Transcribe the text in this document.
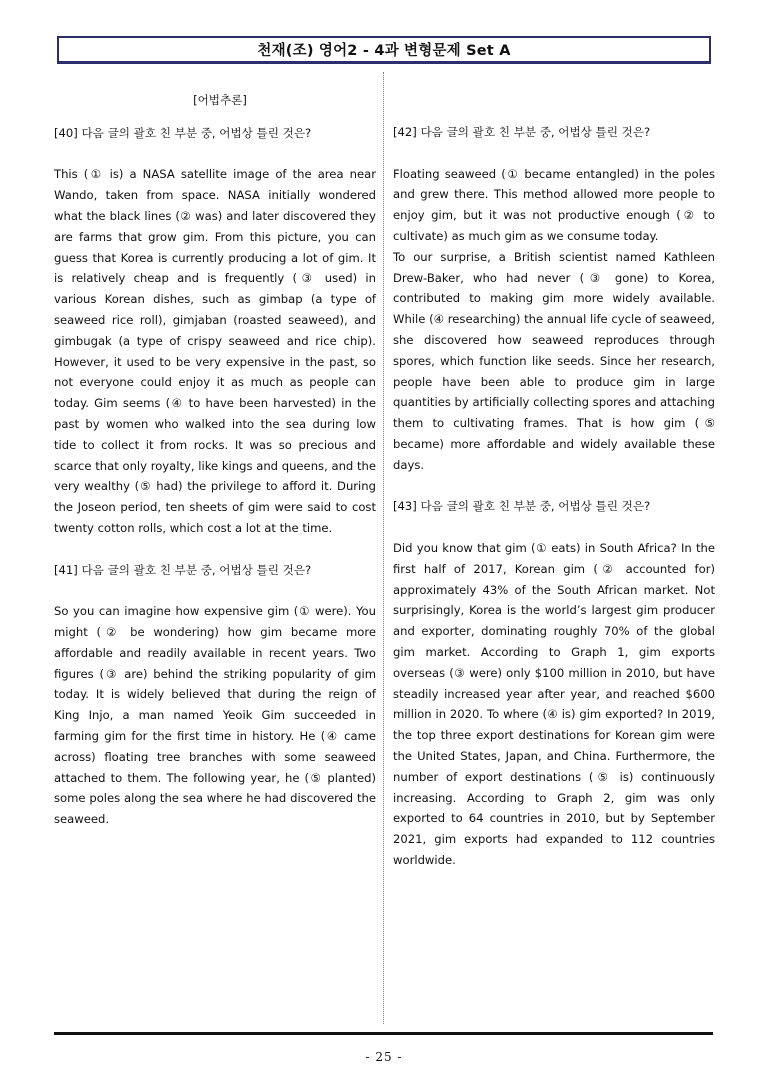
천재(조) 영어2 - 4과 변형문제 Set A
[어법추론]

[40] 다음 글의 괄호 친 부분 중, 어법상 틀린 것은?

This (① is) a NASA satellite image of the area near Wando, taken from space. NASA initially wondered what the black lines (② was) and later discovered they are farms that grow gim. From this picture, you can guess that Korea is currently producing a lot of gim. It is relatively cheap and is frequently (③ used) in various Korean dishes, such as gimbap (a type of seaweed rice roll), gimjaban (roasted seaweed), and gimbugak (a type of crispy seaweed and rice chip). However, it used to be very expensive in the past, so not everyone could enjoy it as much as people can today. Gim seems (④ to have been harvested) in the past by women who walked into the sea during low tide to collect it from rocks. It was so precious and scarce that only royalty, like kings and queens, and the very wealthy (⑤ had) the privilege to afford it. During the Joseon period, ten sheets of gim were said to cost twenty cotton rolls, which cost a lot at the time.

[41] 다음 글의 괄호 친 부분 중, 어법상 틀린 것은?

So you can imagine how expensive gim (① were). You might (② be wondering) how gim became more affordable and readily available in recent years. Two figures (③ are) behind the striking popularity of gim today. It is widely believed that during the reign of King Injo, a man named Yeoik Gim succeeded in farming gim for the first time in history. He (④ came across) floating tree branches with some seaweed attached to them. The following year, he (⑤ planted) some poles along the sea where he had discovered the seaweed.

[42] 다음 글의 괄호 친 부분 중, 어법상 틀린 것은?

Floating seaweed (① became entangled) in the poles and grew there. This method allowed more people to enjoy gim, but it was not productive enough (② to cultivate) as much gim as we consume today.
To our surprise, a British scientist named Kathleen Drew-Baker, who had never (③ gone) to Korea, contributed to making gim more widely available. While (④ researching) the annual life cycle of seaweed, she discovered how seaweed reproduces through spores, which function like seeds. Since her research, people have been able to produce gim in large quantities by artificially collecting spores and attaching them to cultivating frames. That is how gim (⑤ became) more affordable and widely available these days.

[43] 다음 글의 괄호 친 부분 중, 어법상 틀린 것은?

Did you know that gim (① eats) in South Africa? In the first half of 2017, Korean gim (② accounted for) approximately 43% of the South African market. Not surprisingly, Korea is the world’s largest gim producer and exporter, dominating roughly 70% of the global gim market. According to Graph 1, gim exports overseas (③ were) only $100 million in 2010, but have steadily increased year after year, and reached $600 million in 2020. To where (④ is) gim exported? In 2019, the top three export destinations for Korean gim were the United States, Japan, and China. Furthermore, the number of export destinations (⑤ is) continuously increasing. According to Graph 2, gim was only exported to 64 countries in 2010, but by September 2021, gim exports had expanded to 112 countries worldwide.

- 25 -
